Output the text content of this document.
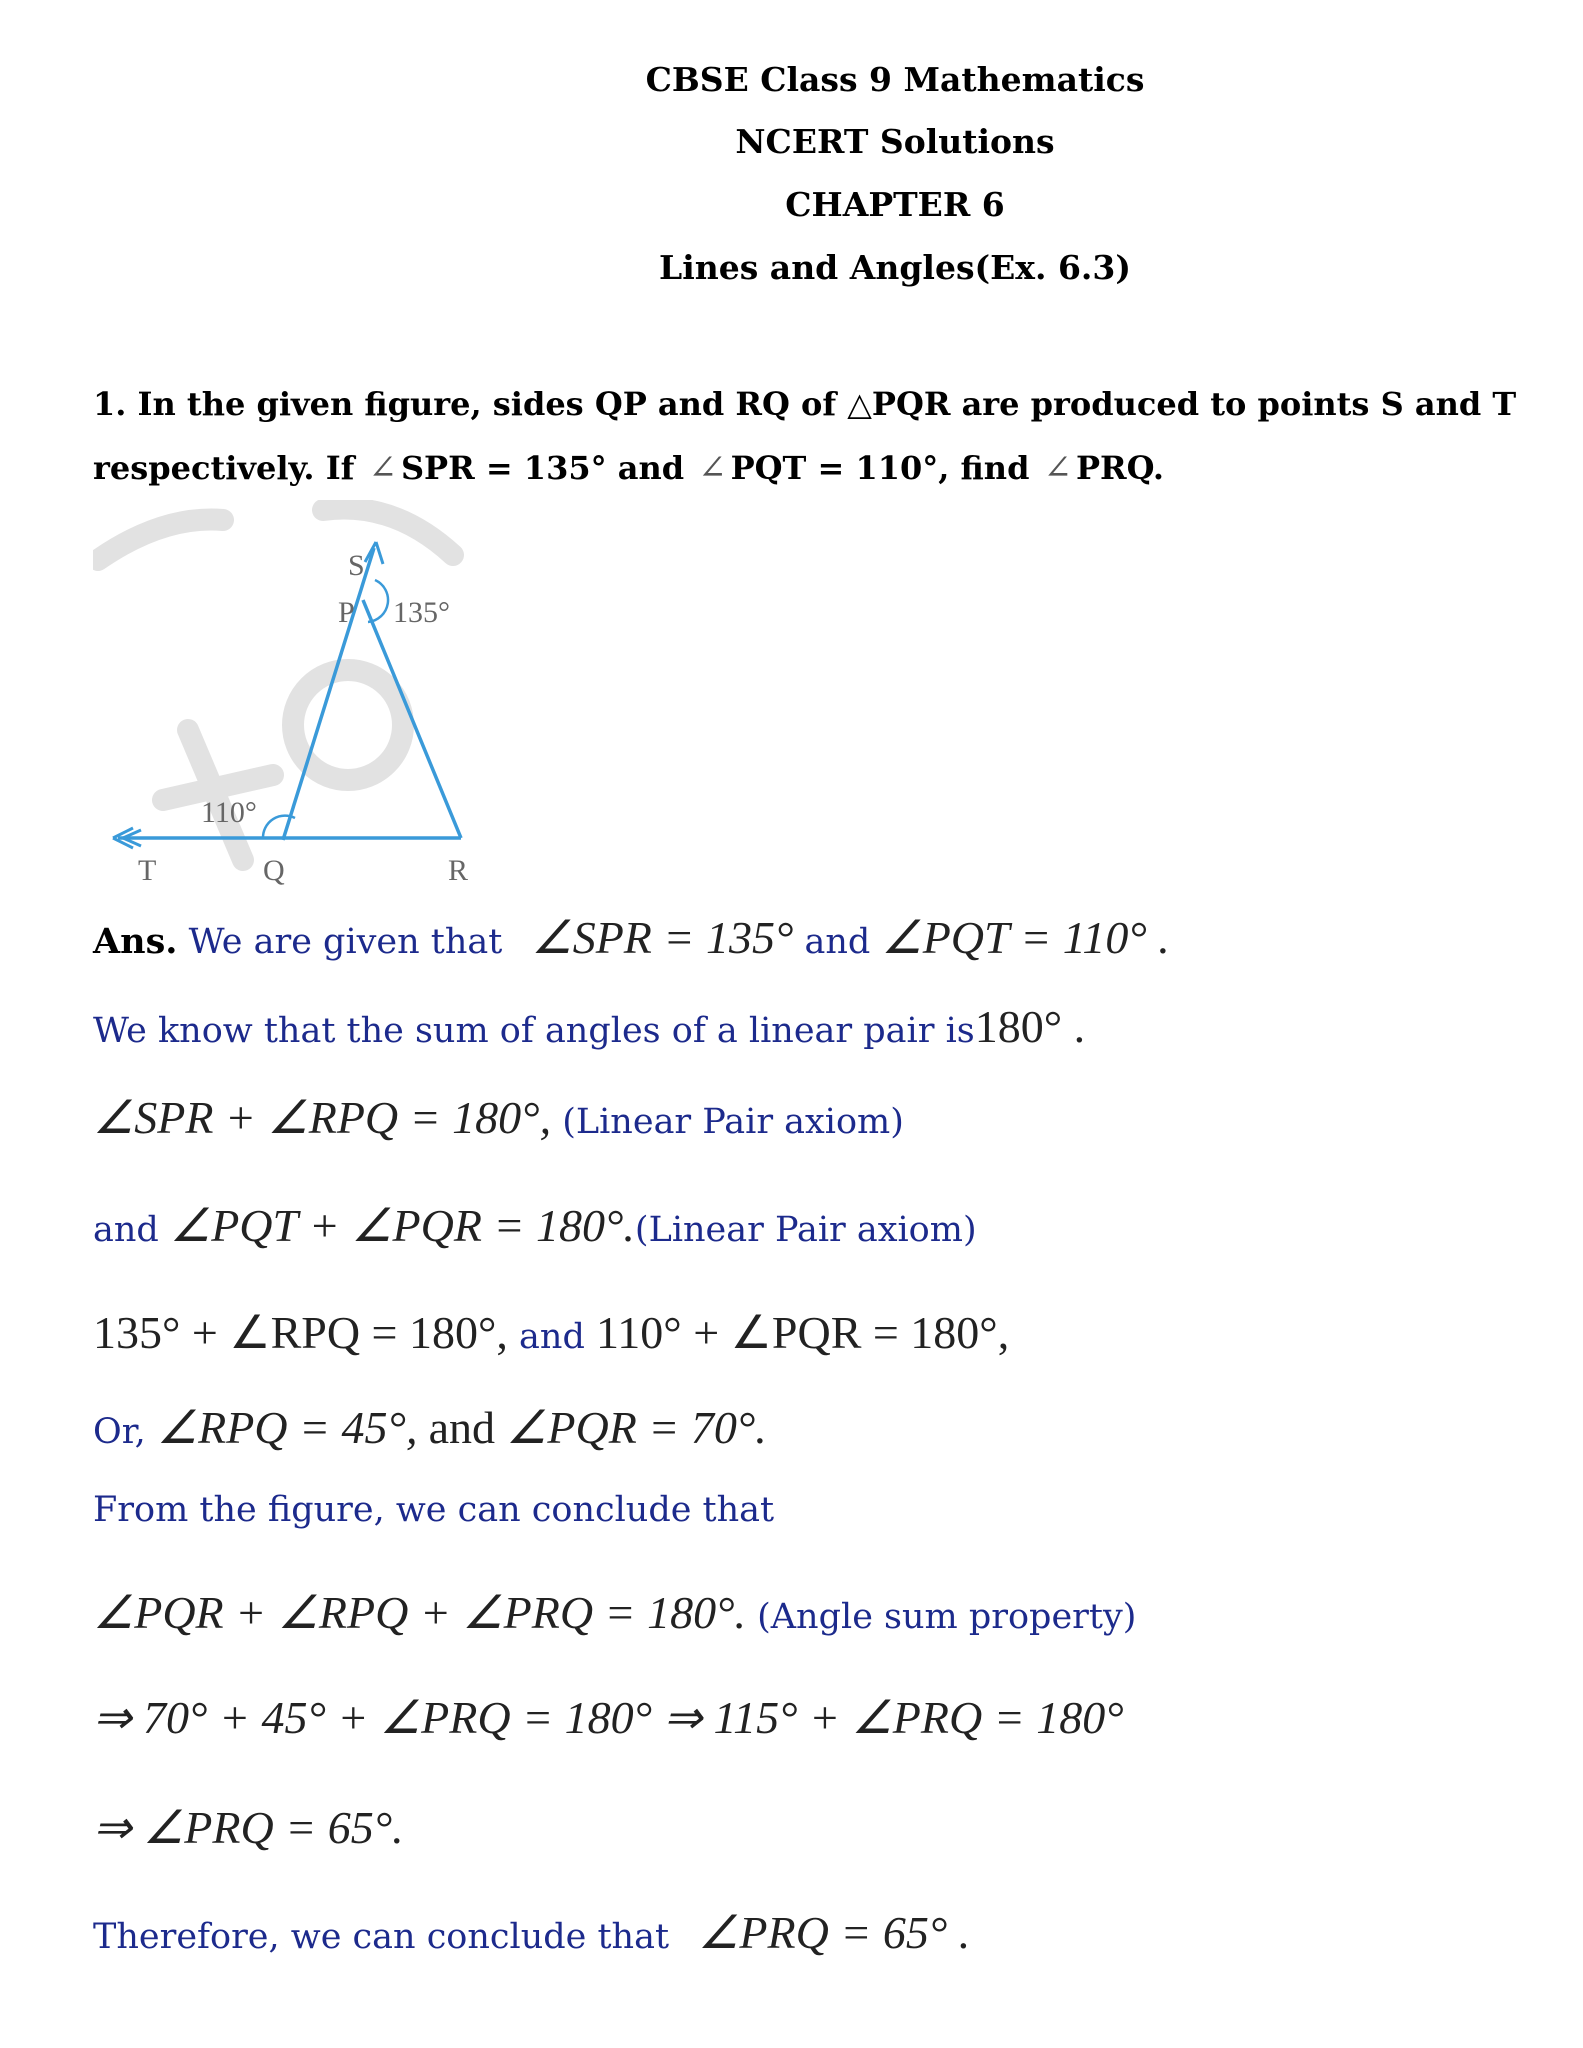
CBSE Class 9 Mathematics
NCERT Solutions
CHAPTER 6
Lines and Angles(Ex. 6.3)
1. In the given figure, sides QP and RQ of △PQR are produced to points S and T
respectively. If ∠ SPR = 135° and ∠ PQT = 110°, find ∠ PRQ.
S
P 135°
110°
T	Q	R
Ans. We are given that ∠SPR = 135° and ∠PQT = 110° .
We know that the sum of angles of a linear pair is180° .
∠SPR + ∠RPQ = 180°, (Linear Pair axiom)
and ∠PQT + ∠PQR = 180°.(Linear Pair axiom)
135° + ∠RPQ = 180°, and 110° + ∠PQR = 180°,
Or, ∠RPQ = 45°, and ∠PQR = 70°.
From the figure, we can conclude that
∠PQR + ∠RPQ + ∠PRQ = 180°. (Angle sum property)
⇒ 70° + 45° + ∠PRQ = 180° ⇒ 115° + ∠PRQ = 180°
⇒ ∠PRQ = 65°.
Therefore, we can conclude that ∠PRQ = 65° .
